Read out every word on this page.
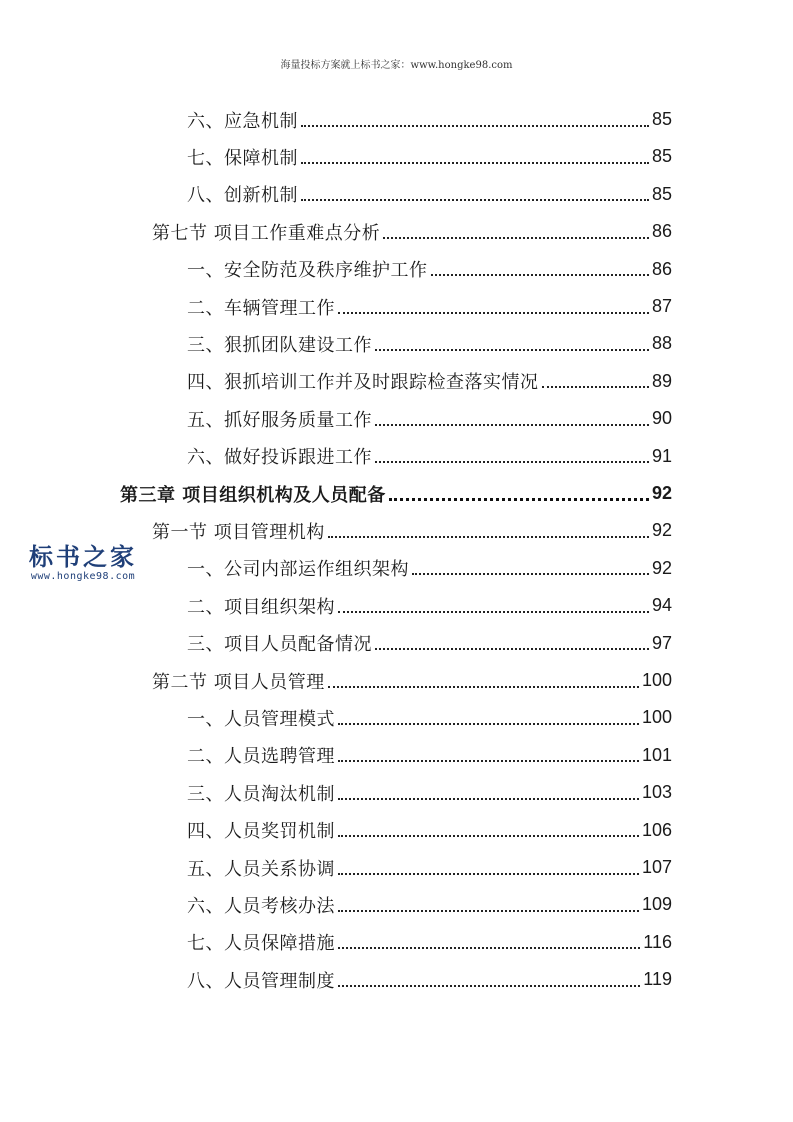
海量投标方案就上标书之家：www.hongke98.com
六、应急机制	85
七、保障机制	85
八、创新机制	85
第七节 项目工作重难点分析	86
一、安全防范及秩序维护工作	86
二、车辆管理工作	87
三、狠抓团队建设工作	88
四、狠抓培训工作并及时跟踪检查落实情况	89
五、抓好服务质量工作	90
六、做好投诉跟进工作	91
第三章 项目组织机构及人员配备	92
第一节 项目管理机构	92
一、公司内部运作组织架构	92
二、项目组织架构	94
三、项目人员配备情况	97
第二节 项目人员管理	100
一、人员管理模式	100
二、人员选聘管理	101
三、人员淘汰机制	103
四、人员奖罚机制	106
五、人员关系协调	107
六、人员考核办法	109
七、人员保障措施	116
八、人员管理制度	119
标书之家
www.hongke98.com
